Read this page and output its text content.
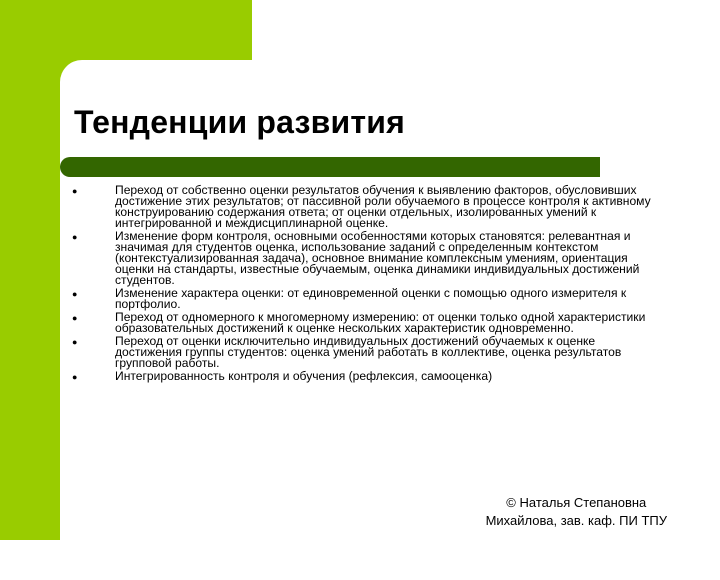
Тенденции развития
●	Переход от собственно оценки результатов обучения к выявлению факторов, обусловивших достижение этих результатов; от пассивной роли обучаемого в процессе контроля к активному конструированию содержания ответа; от оценки отдельных, изолированных умений к интегрированной и междисциплинарной оценке.
●	Изменение форм контроля, основными особенностями которых становятся: релевантная и значимая для студентов оценка, использование заданий с определенным контекстом (контекстуализированная задача), основное внимание комплексным умениям, ориентация оценки на стандарты, известные обучаемым, оценка динамики индивидуальных достижений студентов.
●	Изменение характера оценки: от единовременной оценки с помощью одного измерителя к портфолио.
●	Переход от одномерного к многомерному измерению: от оценки только одной характеристики образовательных достижений к оценке нескольких характеристик одновременно.
●	Переход от оценки исключительно индивидуальных достижений обучаемых к оценке достижения группы студентов: оценка умений работать в коллективе, оценка результатов групповой работы.
●	Интегрированность контроля и обучения (рефлексия, самооценка)
© Наталья Степановна
Михайлова, зав. каф. ПИ ТПУ
